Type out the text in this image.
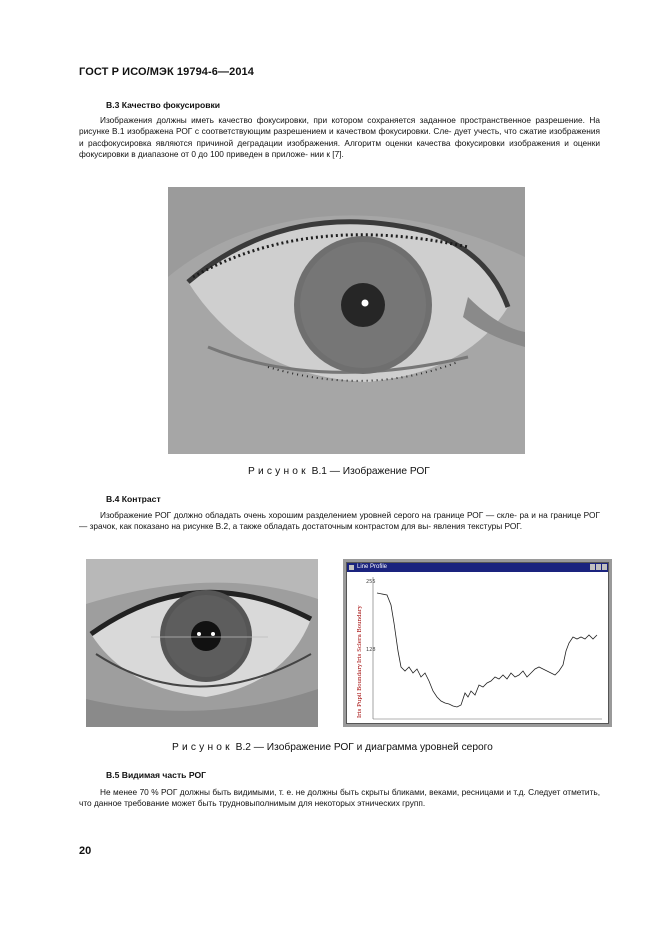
ГОСТ Р ИСО/МЭК 19794-6—2014
B.3 Качество фокусировки
Изображения должны иметь качество фокусировки, при котором сохраняется заданное пространственное разрешение. На рисунке B.1 изображена РОГ с соответствующим разрешением и качеством фокусировки. Сле- дует учесть, что сжатие изображения и расфокусировка являются причиной деградации изображения. Алгоритм оценки качества фокусировки изображения и оценки фокусировки в диапазоне от 0 до 100 приведен в приложе- нии к [7].
Рисунок B.1 — Изображение РОГ
B.4 Контраст
Изображение РОГ должно обладать очень хорошим разделением уровней серого на границе РОГ — скле- ра и на границе РОГ — зрачок, как показано на рисунке B.2, а также обладать достаточным контрастом для вы- явления текстуры РОГ.
Line Profile
255
128
Iris Sclera Boundary
Iris Pupil Boundary
Рисунок B.2 — Изображение РОГ и диаграмма уровней серого
B.5 Видимая часть РОГ
Не менее 70 % РОГ должны быть видимыми, т. е. не должны быть скрыты бликами, веками, ресницами и т.д. Следует отметить, что данное требование может быть трудновыполнимым для некоторых этнических групп.
20
